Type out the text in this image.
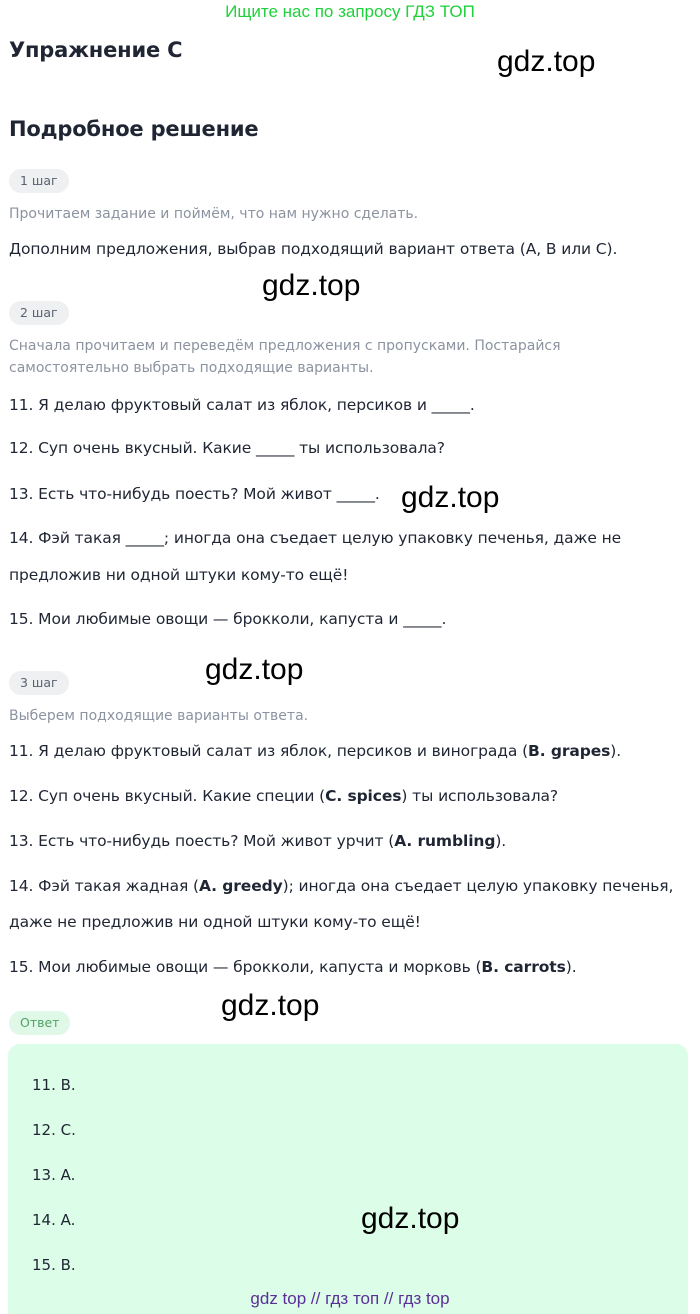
Ищите нас по запросу ГДЗ ТОП
Упражнение С	gdz.top
Подробное решение
1 шаг
Прочитаем задание и поймём, что нам нужно сделать.
Дополним предложения, выбрав подходящий вариант ответа (A, B или C).
gdz.top
2 шаг
Сначала прочитаем и переведём предложения с пропусками. Постарайся самостоятельно выбрать подходящие варианты.
11. Я делаю фруктовый салат из яблок, персиков и _____.
12. Суп очень вкусный. Какие _____ ты использовала?
13. Есть что-нибудь поесть? Мой живот _____. gdz.top
14. Фэй такая _____; иногда она съедает целую упаковку печенья, даже не
предложив ни одной штуки кому-то ещё!
15. Мои любимые овощи — брокколи, капуста и _____.
gdz.top
3 шаг
Выберем подходящие варианты ответа.
11. Я делаю фруктовый салат из яблок, персиков и винограда (B. grapes).
12. Суп очень вкусный. Какие специи (C. spices) ты использовала?
13. Есть что-нибудь поесть? Мой живот урчит (A. rumbling).
14. Фэй такая жадная (A. greedy); иногда она съедает целую упаковку печенья,
даже не предложив ни одной штуки кому-то ещё!
15. Мои любимые овощи — брокколи, капуста и морковь (B. carrots).
gdz.top
Ответ
11. B.
12. C.
13. A.
14. A.
15. B.
gdz.top
gdz top // гдз топ // гдз top
